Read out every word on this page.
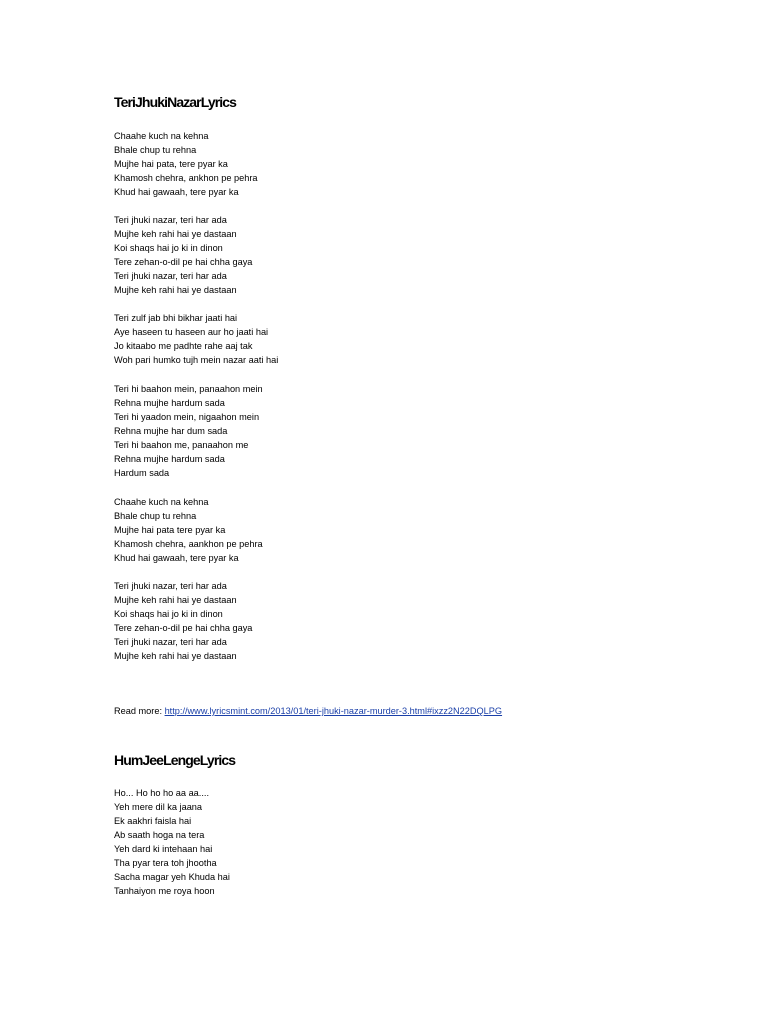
TeriJhukiNazarLyrics
Chaahe kuch na kehna
Bhale chup tu rehna
Mujhe hai pata, tere pyar ka
Khamosh chehra, ankhon pe pehra
Khud hai gawaah, tere pyar ka
Teri jhuki nazar, teri har ada
Mujhe keh rahi hai ye dastaan
Koi shaqs hai jo ki in dinon
Tere zehan-o-dil pe hai chha gaya
Teri jhuki nazar, teri har ada
Mujhe keh rahi hai ye dastaan
Teri zulf jab bhi bikhar jaati hai
Aye haseen tu haseen aur ho jaati hai
Jo kitaabo me padhte rahe aaj tak
Woh pari humko tujh mein nazar aati hai
Teri hi baahon mein, panaahon mein
Rehna mujhe hardum sada
Teri hi yaadon mein, nigaahon mein
Rehna mujhe har dum sada
Teri hi baahon me, panaahon me
Rehna mujhe hardum sada
Hardum sada
Chaahe kuch na kehna
Bhale chup tu rehna
Mujhe hai pata tere pyar ka
Khamosh chehra, aankhon pe pehra
Khud hai gawaah, tere pyar ka
Teri jhuki nazar, teri har ada
Mujhe keh rahi hai ye dastaan
Koi shaqs hai jo ki in dinon
Tere zehan-o-dil pe hai chha gaya
Teri jhuki nazar, teri har ada
Mujhe keh rahi hai ye dastaan
Read more: http://www.lyricsmint.com/2013/01/teri-jhuki-nazar-murder-3.html#ixzz2N22DQLPG
HumJeeLengeLyrics
Ho... Ho ho ho aa aa....
Yeh mere dil ka jaana
Ek aakhri faisla hai
Ab saath hoga na tera
Yeh dard ki intehaan hai
Tha pyar tera toh jhootha
Sacha magar yeh Khuda hai
Tanhaiyon me roya hoon
